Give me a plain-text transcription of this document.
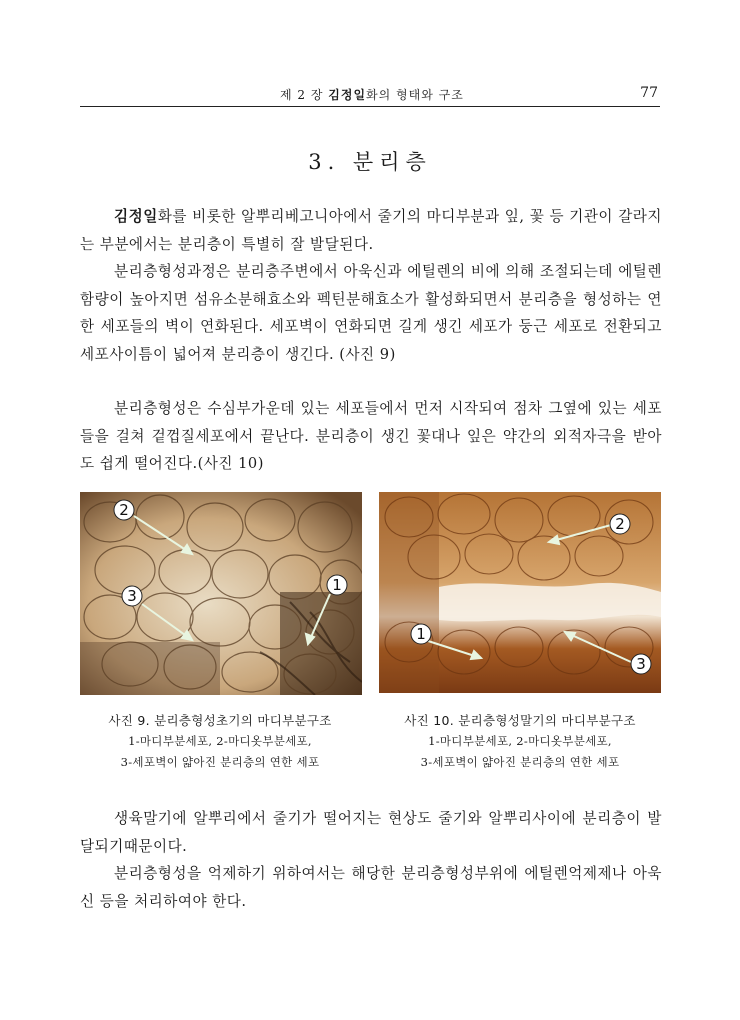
제 2 장 김정일화의 형태와 구조	77
3. 분리층

김정일화를 비롯한 알뿌리베고니아에서 줄기의 마디부분과 잎, 꽃 등 기관이 갈라지는 부분에서는 분리층이 특별히 잘 발달된다.

분리층형성과정은 분리층주변에서 아욱신과 에틸렌의 비에 의해 조절되는데 에틸렌함량이 높아지면 섬유소분해효소와 펙틴분해효소가 활성화되면서 분리층을 형성하는 연한 세포들의 벽이 연화된다. 세포벽이 연화되면 길게 생긴 세포가 둥근 세포로 전환되고 세포사이틈이 넓어져 분리층이 생긴다. (사진 9)

분리층형성은 수심부가운데 있는 세포들에서 먼저 시작되여 점차 그옆에 있는 세포들을 걸쳐 겉껍질세포에서 끝난다. 분리층이 생긴 꽃대나 잎은 약간의 외적자극을 받아도 쉽게 떨어진다.(사진 10)

2
3
1
2
1
3
사진 9. 분리층형성초기의 마디부분구조
1-마디부분세포, 2-마디옷부분세포,
3-세포벽이 얇아진 분리층의 연한 세포
사진 10. 분리층형성말기의 마디부분구조
1-마디부분세포, 2-마디옷부분세포,
3-세포벽이 얇아진 분리층의 연한 세포

생육말기에 알뿌리에서 줄기가 떨어지는 현상도 줄기와 알뿌리사이에 분리층이 발달되기때문이다.

분리층형성을 억제하기 위하여서는 해당한 분리층형성부위에 에틸렌억제제나 아욱신 등을 처리하여야 한다.
